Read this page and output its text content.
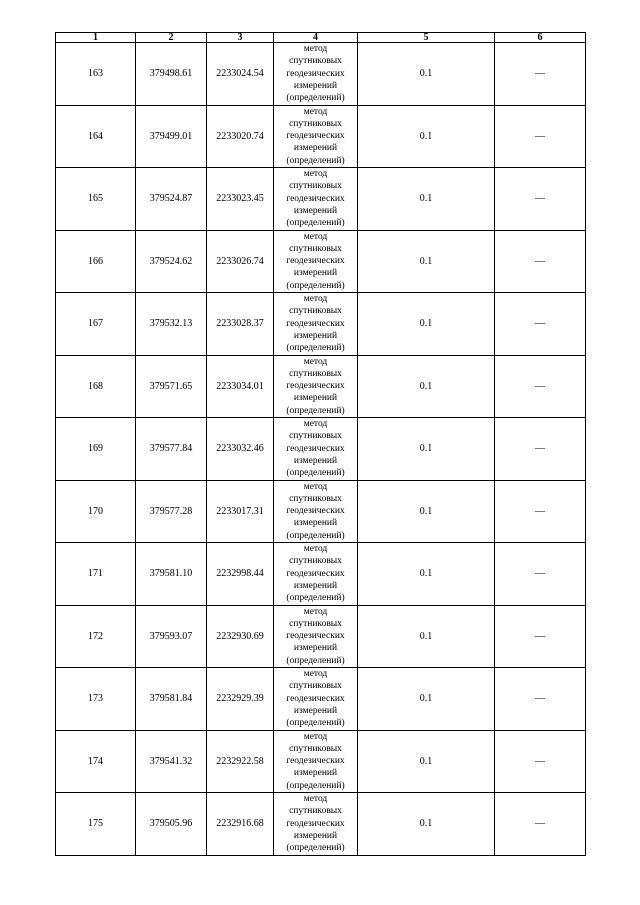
1	2	3	4	5	6
163	379498.61	2233024.54	метод
спутниковых
геодезических
измерений
(определений)	0.1	—
164	379499.01	2233020.74	метод
спутниковых
геодезических
измерений
(определений)	0.1	—
165	379524.87	2233023.45	метод
спутниковых
геодезических
измерений
(определений)	0.1	—
166	379524.62	2233026.74	метод
спутниковых
геодезических
измерений
(определений)	0.1	—
167	379532.13	2233028.37	метод
спутниковых
геодезических
измерений
(определений)	0.1	—
168	379571.65	2233034.01	метод
спутниковых
геодезических
измерений
(определений)	0.1	—
169	379577.84	2233032.46	метод
спутниковых
геодезических
измерений
(определений)	0.1	—
170	379577.28	2233017.31	метод
спутниковых
геодезических
измерений
(определений)	0.1	—
171	379581.10	2232998.44	метод
спутниковых
геодезических
измерений
(определений)	0.1	—
172	379593.07	2232930.69	метод
спутниковых
геодезических
измерений
(определений)	0.1	—
173	379581.84	2232929.39	метод
спутниковых
геодезических
измерений
(определений)	0.1	—
174	379541.32	2232922.58	метод
спутниковых
геодезических
измерений
(определений)	0.1	—
175	379505.96	2232916.68	метод
спутниковых
геодезических
измерений
(определений)	0.1	—
